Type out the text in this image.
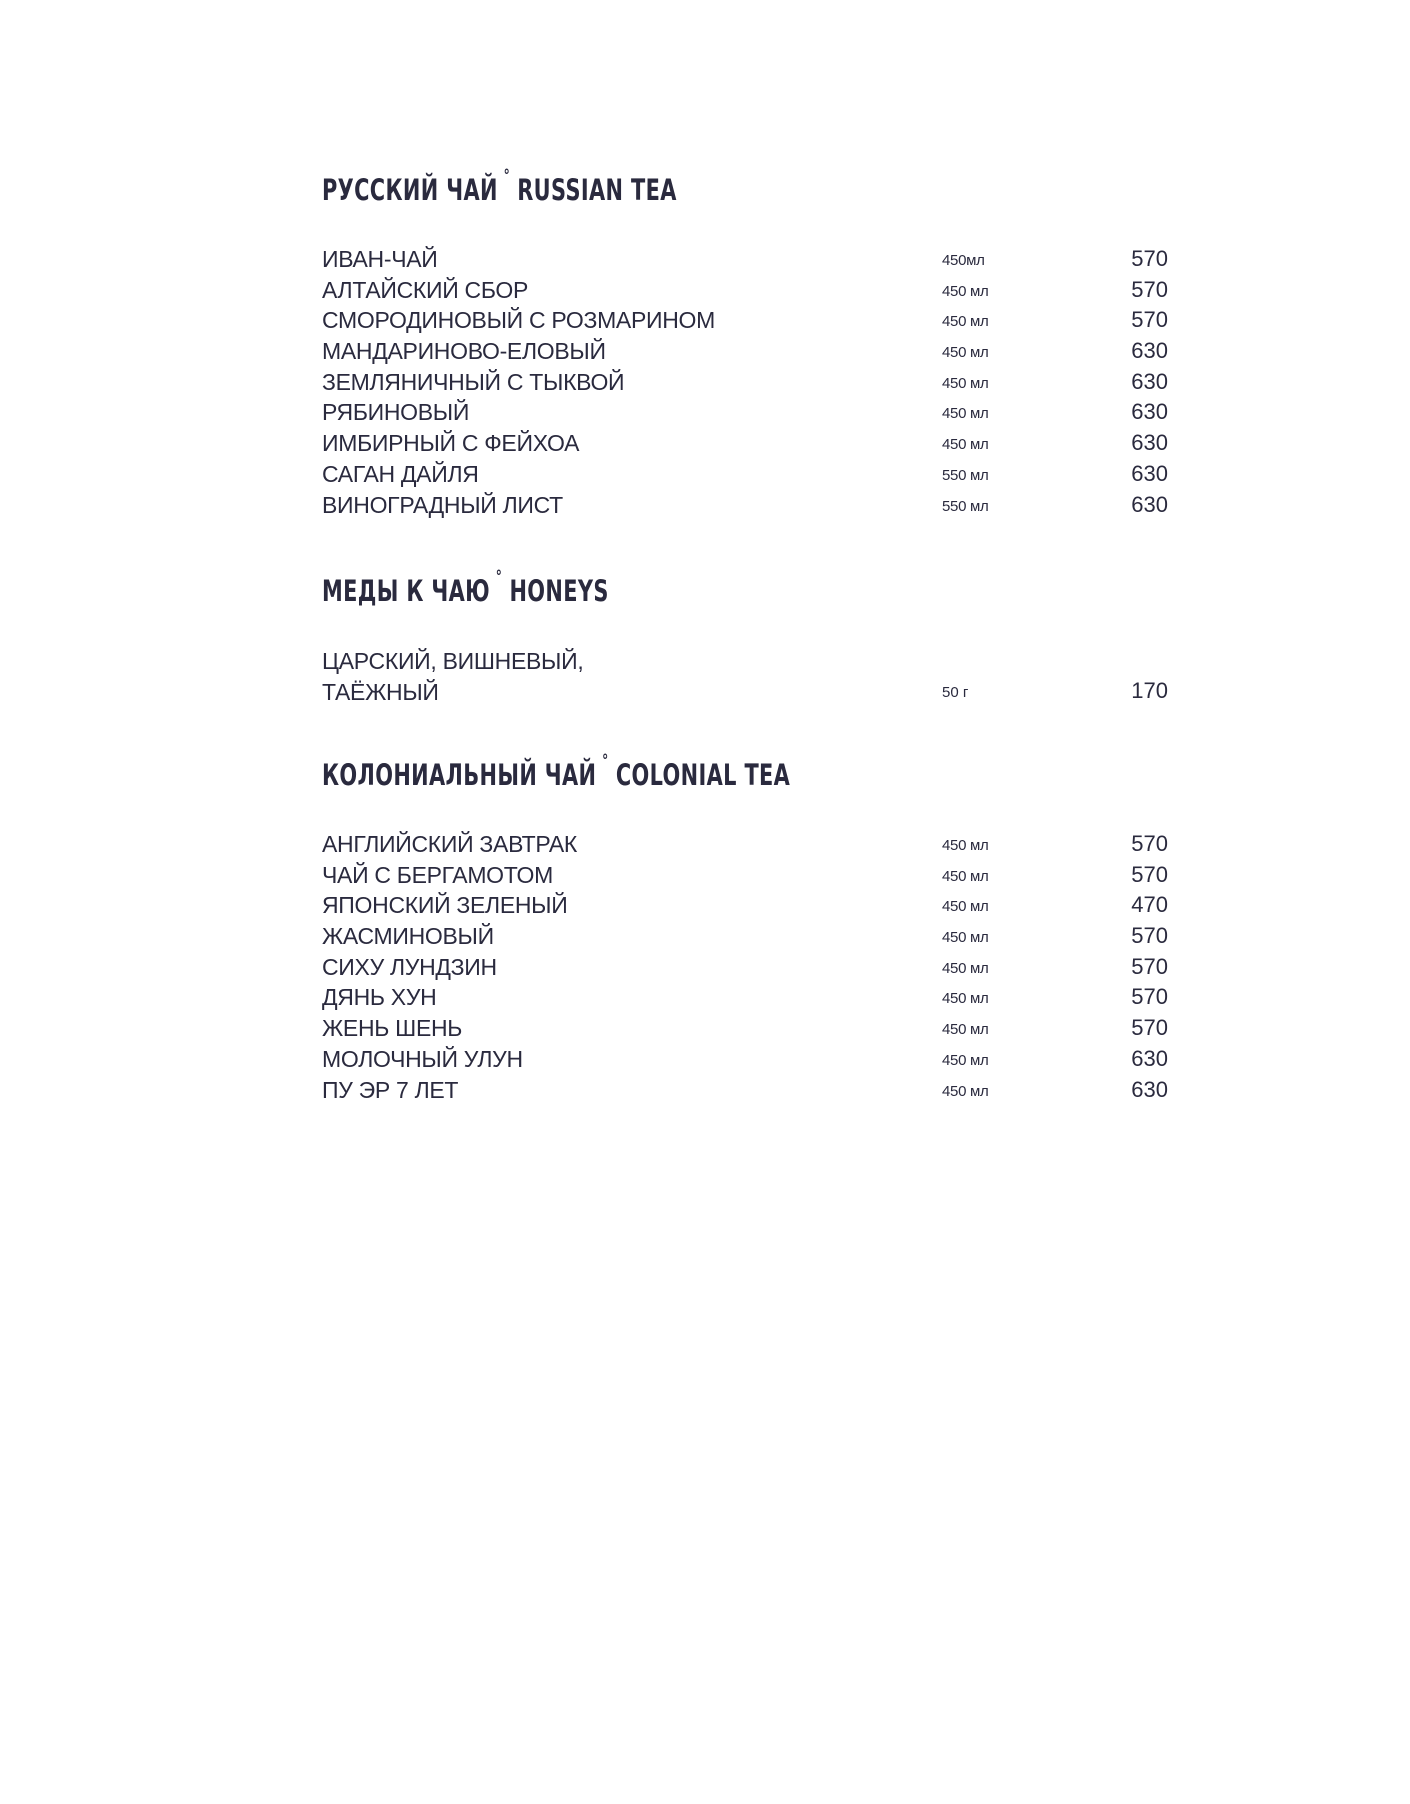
РУССКИЙ ЧАЙ ° RUSSIAN TEA
ИВАН-ЧАЙ	450мл	570
АЛТАЙСКИЙ СБОР	450 мл	570
СМОРОДИНОВЫЙ С РОЗМАРИНОМ	450 мл	570
МАНДАРИНОВО-ЕЛОВЫЙ	450 мл	630
ЗЕМЛЯНИЧНЫЙ С ТЫКВОЙ	450 мл	630
РЯБИНОВЫЙ	450 мл	630
ИМБИРНЫЙ С ФЕЙХОА	450 мл	630
САГАН ДАЙЛЯ	550 мл	630
ВИНОГРАДНЫЙ ЛИСТ	550 мл	630
МЕДЫ К ЧАЮ ° HONEYS
ЦАРСКИЙ, ВИШНЕВЫЙ,
ТАЁЖНЫЙ	50 г	170
КОЛОНИАЛЬНЫЙ ЧАЙ ° COLONIAL TEA
АНГЛИЙСКИЙ ЗАВТРАК	450 мл	570
ЧАЙ С БЕРГАМОТОМ	450 мл	570
ЯПОНСКИЙ ЗЕЛЕНЫЙ	450 мл	470
ЖАСМИНОВЫЙ	450 мл	570
СИХУ ЛУНДЗИН	450 мл	570
ДЯНЬ ХУН	450 мл	570
ЖЕНЬ ШЕНЬ	450 мл	570
МОЛОЧНЫЙ УЛУН	450 мл	630
ПУ ЭР 7 ЛЕТ	450 мл	630
